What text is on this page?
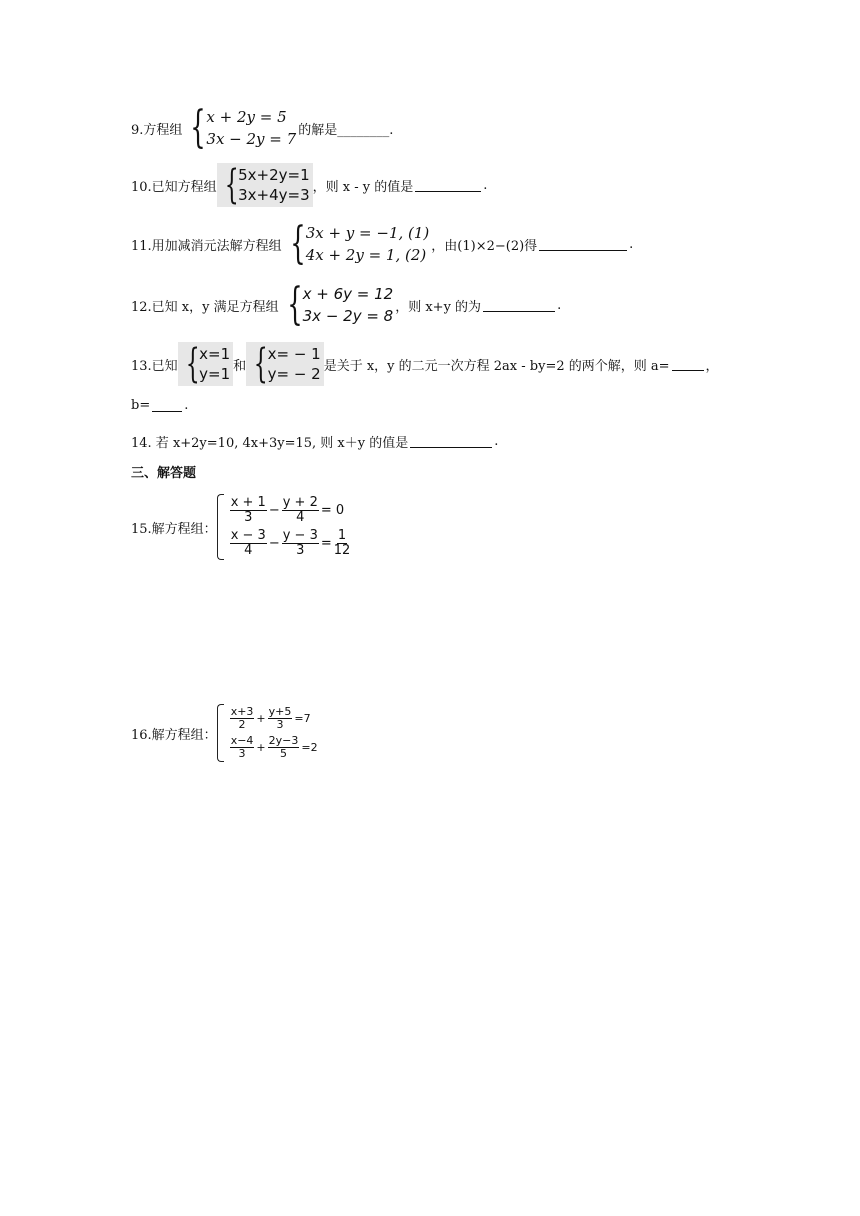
9.方程组 { x + 2y = 5
3x − 2y = 7 的解是________.
10.已知方程组 { 5x+2y=1
3x+4y=3 ，则 x - y 的值是	.
11.用加减消元法解方程组 { 3x + y = −1, (1)
4x + 2y = 1, (2) ，由(1)×2−(2)得	.
12.已知 x，y 满足方程组 { x + 6y = 12
3x − 2y = 8 ，则 x+y 的为	.
13.已知 { x=1
y=1 和 { x= − 1
y= − 2 是关于 x，y 的二元一次方程 2ax - by=2 的两个解，则 a=	，
b=	.
14. 若 x+2y=10, 4x+3y=15, 则 x＋y 的值是	.
三、解答题
15.解方程组：
$\frac{x + 1}{3} - \frac{y + 2}{4} = 0$
$\frac{x - 3}{4} - \frac{y - 3}{3} = \frac{1}{12}$
16.解方程组：
$\frac{x+3}{2} + \frac{y+5}{3} =7$
$\frac{x-4}{3} + \frac{2y-3}{5} =2$
